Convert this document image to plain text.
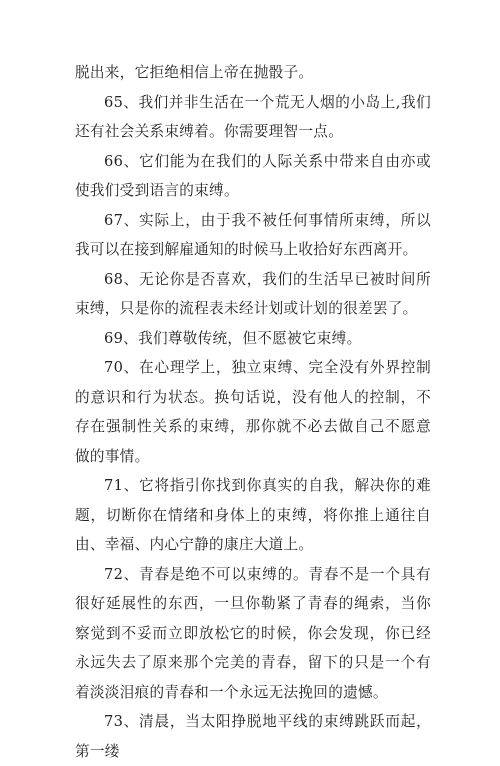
脱出来，它拒绝相信上帝在抛骰子。

65、我们并非生活在一个荒无人烟的小岛上,我们还有社会关系束缚着。你需要理智一点。

66、它们能为在我们的人际关系中带来自由亦或使我们受到语言的束缚。

67、实际上，由于我不被任何事情所束缚，所以我可以在接到解雇通知的时候马上收拾好东西离开。

68、无论你是否喜欢，我们的生活早已被时间所束缚，只是你的流程表未经计划或计划的很差罢了。

69、我们尊敬传统，但不愿被它束缚。

70、在心理学上，独立束缚、完全没有外界控制的意识和行为状态。换句话说，没有他人的控制，不存在强制性关系的束缚，那你就不必去做自己不愿意做的事情。

71、它将指引你找到你真实的自我，解决你的难题，切断你在情绪和身体上的束缚，将你推上通往自由、幸福、内心宁静的康庄大道上。

72、青春是绝不可以束缚的。青春不是一个具有很好延展性的东西，一旦你勒紧了青春的绳索，当你察觉到不妥而立即放松它的时候，你会发现，你已经永远失去了原来那个完美的青春，留下的只是一个有着淡淡泪痕的青春和一个永远无法挽回的遗憾。

73、清晨，当太阳挣脱地平线的束缚跳跃而起，第一缕
